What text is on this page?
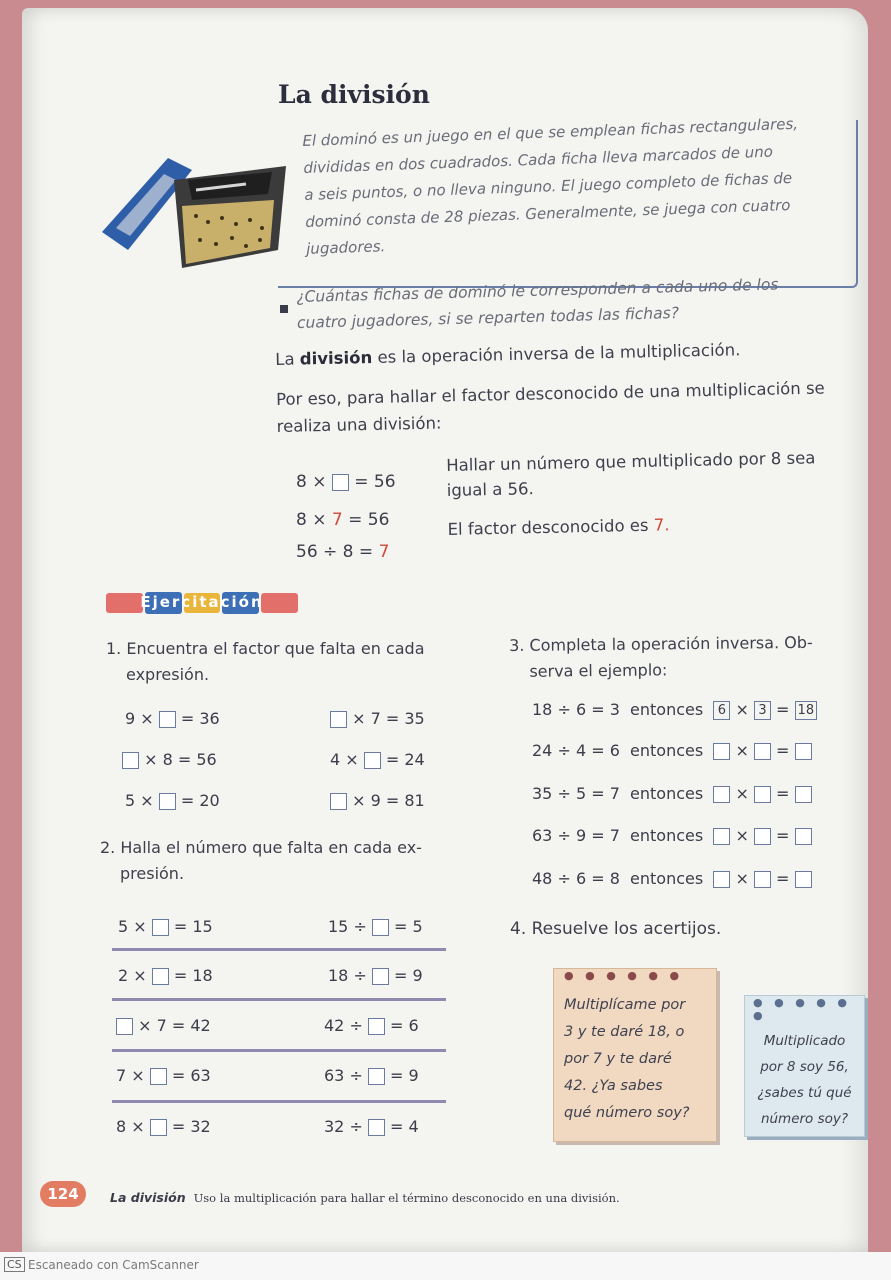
La división
El dominó es un juego en el que se emplean fichas rectangulares,
divididas en dos cuadrados. Cada ficha lleva marcados de uno
a seis puntos, o no lleva ninguno. El juego completo de fichas de
dominó consta de 28 piezas. Generalmente, se juega con cuatro
jugadores.
¿Cuántas fichas de dominó le corresponden a cada uno de los
cuatro jugadores, si se reparten todas las fichas?
La división es la operación inversa de la multiplicación.
Por eso, para hallar el factor desconocido de una multiplicación se
realiza una división:
8 × = 56
8 × 7 = 56
56 ÷ 8 = 7
Hallar un número que multiplicado por 8 sea
igual a 56.
El factor desconocido es 7.
Ejercitación
1. Encuentra el factor que falta en cada
expresión.
9 × = 36	× 7 = 35
× 8 = 56	4 × = 24
5 × = 20	× 9 = 81
2. Halla el número que falta en cada ex-
presión.
5 × = 15	15 ÷ = 5
2 × = 18	18 ÷ = 9
× 7 = 42	42 ÷ = 6
7 × = 63	63 ÷ = 9
8 × = 32	32 ÷ = 4
3. Completa la operación inversa. Ob-
serva el ejemplo:
18 ÷ 6 = 3 entonces 6 × 3 = 18
24 ÷ 4 = 6 entonces   ×  =
35 ÷ 5 = 7 entonces   ×  =
63 ÷ 9 = 7 entonces   ×  =
48 ÷ 6 = 8 entonces   ×  =
4. Resuelve los acertijos.
● ● ● ● ● ●
Multiplícame por
3 y te daré 18, o
por 7 y te daré
42. ¿Ya sabes
qué número soy?
● ● ● ● ● ●
Multiplicado
por 8 soy 56,
¿sabes tú qué
número soy?
124	La división Uso la multiplicación para hallar el término desconocido en una división.
CS Escaneado con CamScanner
